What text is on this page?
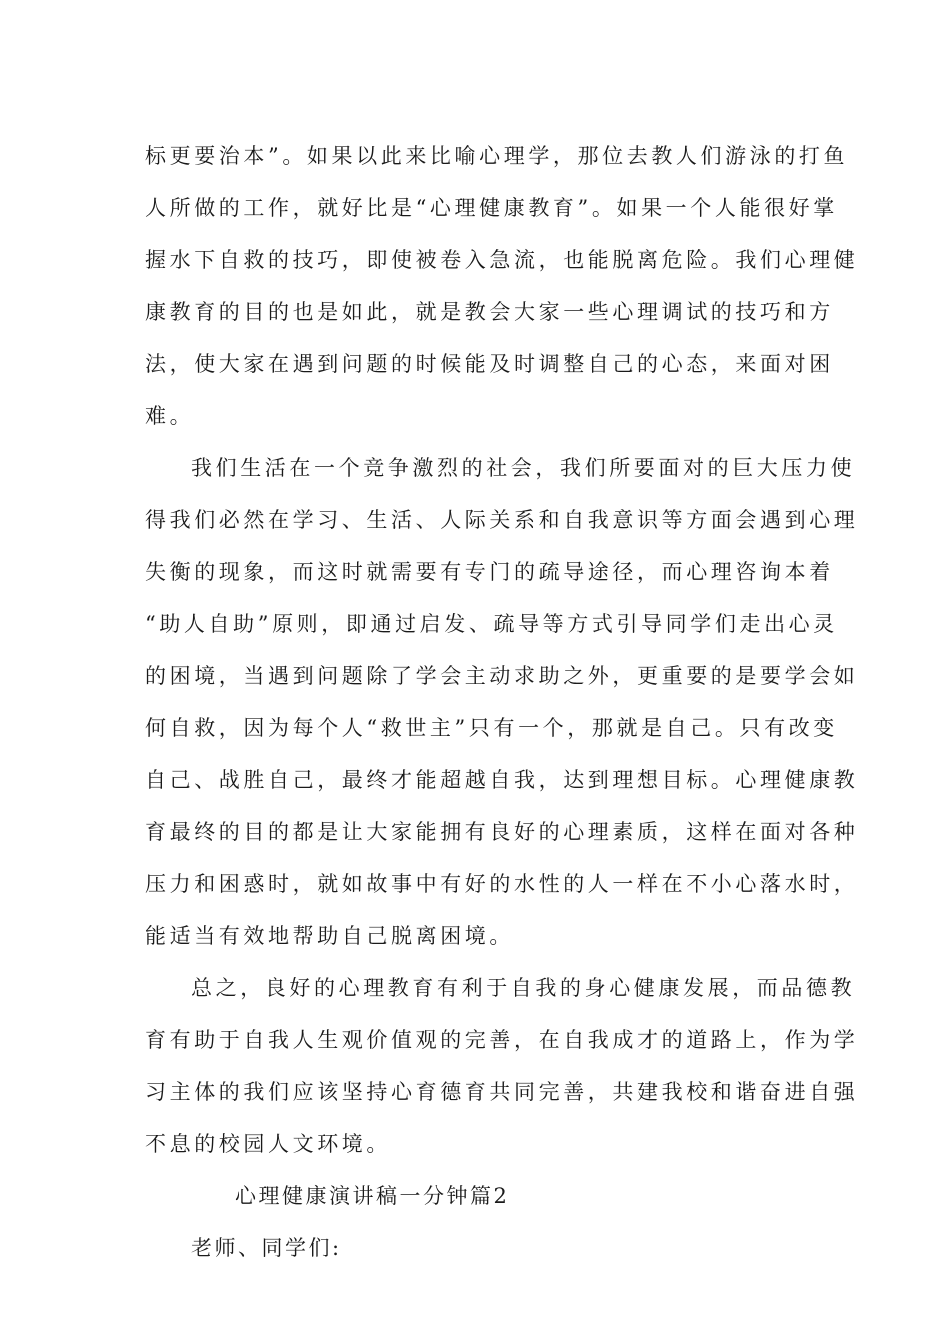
标更要治本”。如果以此来比喻心理学，那位去教人们游泳的打鱼
人所做的工作，就好比是“心理健康教育”。如果一个人能很好掌
握水下自救的技巧，即使被卷入急流，也能脱离危险。我们心理健
康教育的目的也是如此，就是教会大家一些心理调试的技巧和方
法，使大家在遇到问题的时候能及时调整自己的心态，来面对困
难。
我们生活在一个竞争激烈的社会，我们所要面对的巨大压力使
得我们必然在学习、生活、人际关系和自我意识等方面会遇到心理
失衡的现象，而这时就需要有专门的疏导途径，而心理咨询本着
“助人自助”原则，即通过启发、疏导等方式引导同学们走出心灵
的困境，当遇到问题除了学会主动求助之外，更重要的是要学会如
何自救，因为每个人“救世主”只有一个，那就是自己。只有改变
自己、战胜自己，最终才能超越自我，达到理想目标。心理健康教
育最终的目的都是让大家能拥有良好的心理素质，这样在面对各种
压力和困惑时，就如故事中有好的水性的人一样在不小心落水时，
能适当有效地帮助自己脱离困境。
总之，良好的心理教育有利于自我的身心健康发展，而品德教
育有助于自我人生观价值观的完善，在自我成才的道路上，作为学
习主体的我们应该坚持心育德育共同完善，共建我校和谐奋进自强
不息的校园人文环境。
心理健康演讲稿一分钟篇2
老师、同学们:
